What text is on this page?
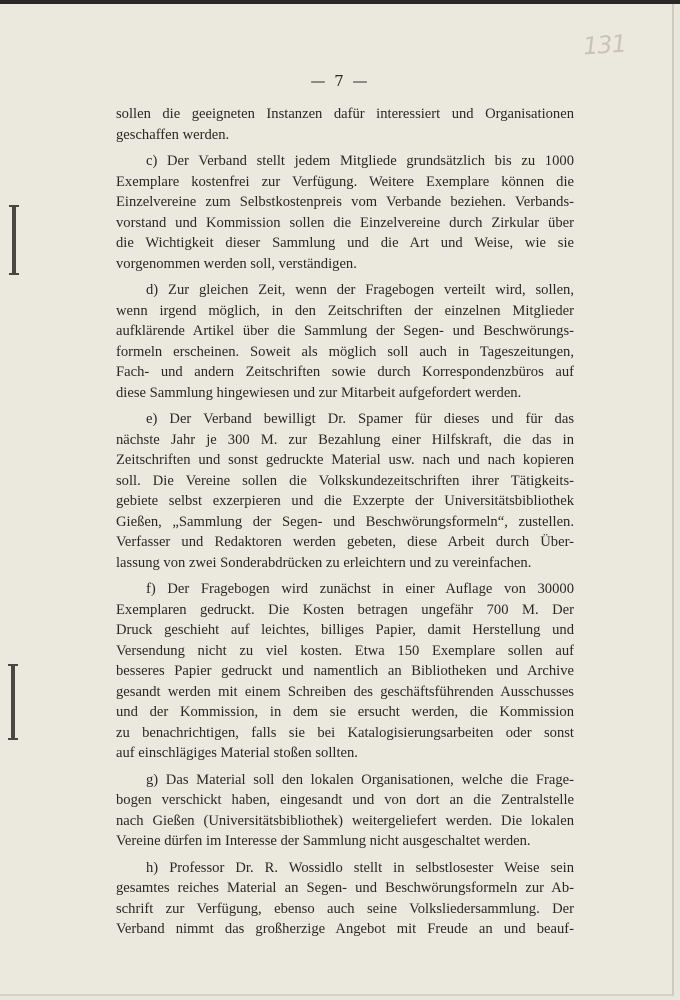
131
— 7 —
sollen die geeigneten Instanzen dafür interessiert und Organisationen
geschaffen werden.
c) Der Verband stellt jedem Mitgliede grundsätzlich bis zu 1000
Exemplare kostenfrei zur Verfügung. Weitere Exemplare können die
Einzelvereine zum Selbstkostenpreis vom Verbande beziehen. Verbands-
vorstand und Kommission sollen die Einzelvereine durch Zirkular über
die Wichtigkeit dieser Sammlung und die Art und Weise, wie sie
vorgenommen werden soll, verständigen.
d) Zur gleichen Zeit, wenn der Fragebogen verteilt wird, sollen,
wenn irgend möglich, in den Zeitschriften der einzelnen Mitglieder
aufklärende Artikel über die Sammlung der Segen- und Beschwörungs-
formeln erscheinen. Soweit als möglich soll auch in Tageszeitungen,
Fach- und andern Zeitschriften sowie durch Korrespondenzbüros auf
diese Sammlung hingewiesen und zur Mitarbeit aufgefordert werden.
e) Der Verband bewilligt Dr. Spamer für dieses und für das
nächste Jahr je 300 M. zur Bezahlung einer Hilfskraft, die das in
Zeitschriften und sonst gedruckte Material usw. nach und nach kopieren
soll. Die Vereine sollen die Volkskundezeitschriften ihrer Tätigkeits-
gebiete selbst exzerpieren und die Exzerpte der Universitätsbibliothek
Gießen, „Sammlung der Segen- und Beschwörungsformeln“, zustellen.
Verfasser und Redaktoren werden gebeten, diese Arbeit durch Über-
lassung von zwei Sonderabdrücken zu erleichtern und zu vereinfachen.
f) Der Fragebogen wird zunächst in einer Auflage von 30000
Exemplaren gedruckt. Die Kosten betragen ungefähr 700 M. Der
Druck geschieht auf leichtes, billiges Papier, damit Herstellung und
Versendung nicht zu viel kosten. Etwa 150 Exemplare sollen auf
besseres Papier gedruckt und namentlich an Bibliotheken und Archive
gesandt werden mit einem Schreiben des geschäftsführenden Ausschusses
und der Kommission, in dem sie ersucht werden, die Kommission
zu benachrichtigen, falls sie bei Katalogisierungsarbeiten oder sonst
auf einschlägiges Material stoßen sollten.
g) Das Material soll den lokalen Organisationen, welche die Frage-
bogen verschickt haben, eingesandt und von dort an die Zentralstelle
nach Gießen (Universitätsbibliothek) weitergeliefert werden. Die lokalen
Vereine dürfen im Interesse der Sammlung nicht ausgeschaltet werden.
h) Professor Dr. R. Wossidlo stellt in selbstlosester Weise sein
gesamtes reiches Material an Segen- und Beschwörungsformeln zur Ab-
schrift zur Verfügung, ebenso auch seine Volksliedersammlung. Der
Verband nimmt das großherzige Angebot mit Freude an und beauf-
